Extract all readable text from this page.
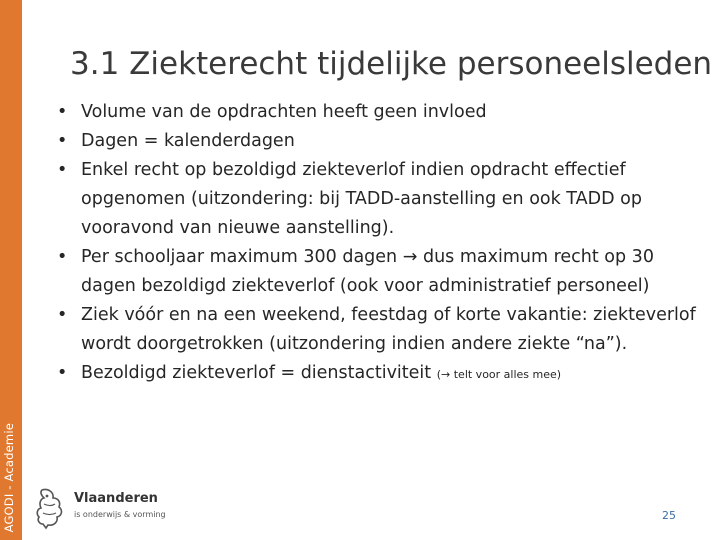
AGODI - Academie
3.1 Ziekterecht tijdelijke personeelsleden
• Volume van de opdrachten heeft geen invloed
• Dagen = kalenderdagen
• Enkel recht op bezoldigd ziekteverlof indien opdracht effectief opgenomen (uitzondering: bij TADD-aanstelling en ook TADD op vooravond van nieuwe aanstelling).
• Per schooljaar maximum 300 dagen → dus maximum recht op 30 dagen bezoldigd ziekteverlof (ook voor administratief personeel)
• Ziek vóór en na een weekend, feestdag of korte vakantie: ziekteverlof wordt doorgetrokken (uitzondering indien andere ziekte “na”).
• Bezoldigd ziekteverlof = dienstactiviteit (→ telt voor alles mee)
Vlaanderen
is onderwijs & vorming	25
